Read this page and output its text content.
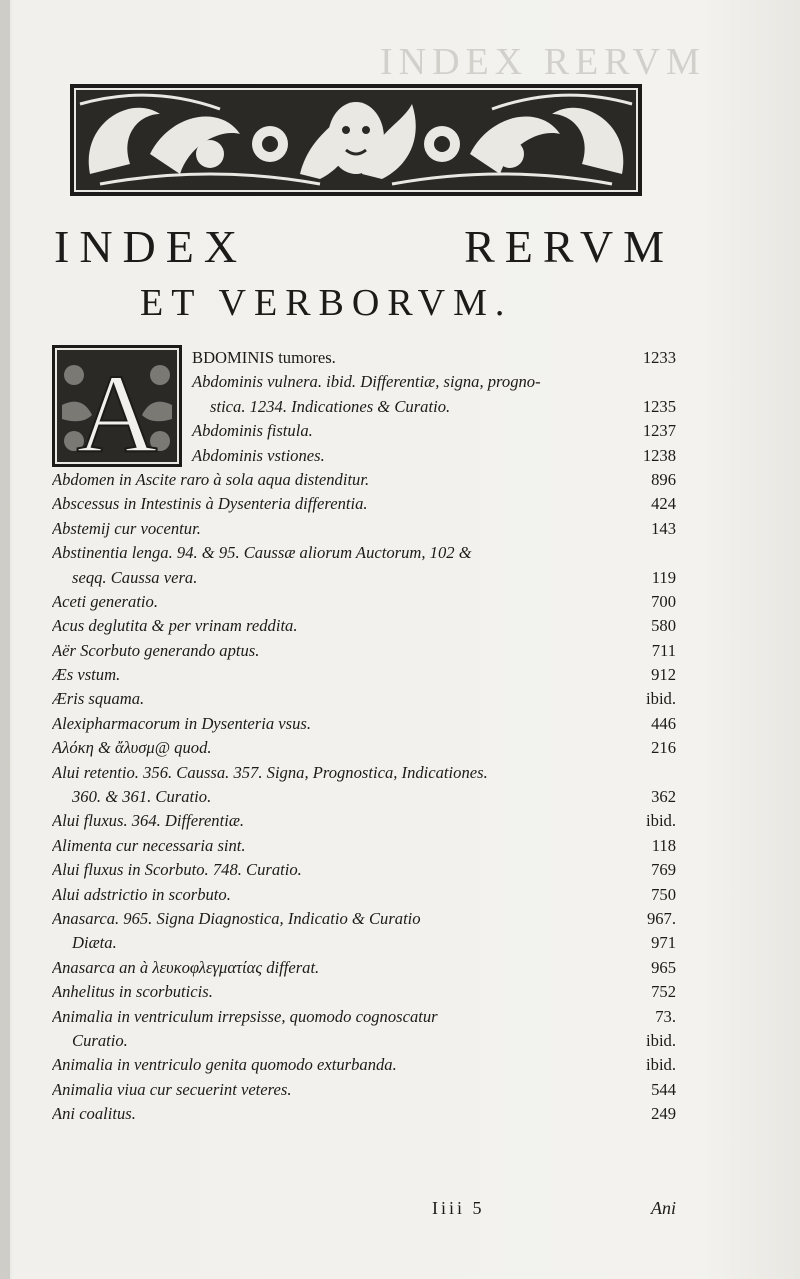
INDEX RERVM
INDEX	RERVM
ET VERBORVM.
A	BDOMINIS tumores.	1233
Abdominis vulnera. ibid. Differentiæ, signa, progno-
stica. 1234. Indicationes & Curatio.	1235
Abdominis fistula.	1237
Abdominis vstiones.	1238
Abdomen in Ascite raro à sola aqua distenditur.	896
Abscessus in Intestinis à Dysenteria differentia.	424
Abstemij cur vocentur.	143
Abstinentia lenga. 94. & 95. Caussæ aliorum Auctorum, 102 &
seqq. Caussa vera.	119
Aceti generatio.	700
Acus deglutita & per vrinam reddita.	580
Aër Scorbuto generando aptus.	711
Æs vstum.	912
Æris squama.	ibid.
Alexipharmacorum in Dysenteria vsus.	446
Αλόκη & ἄλυσμ@ quod.	216
Alui retentio. 356. Caussa. 357. Signa, Prognostica, Indicationes.
360. & 361. Curatio.	362
Alui fluxus. 364. Differentiæ.	ibid.
Alimenta cur necessaria sint.	118
Alui fluxus in Scorbuto. 748. Curatio.	769
Alui adstrictio in scorbuto.	750
Anasarca. 965. Signa Diagnostica, Indicatio & Curatio	967.
Diæta.	971
Anasarca an à λευκοφλεγματίας differat.	965
Anhelitus in scorbuticis.	752
Animalia in ventriculum irrepsisse, quomodo cognoscatur	73.
Curatio.	ibid.
Animalia in ventriculo genita quomodo exturbanda.	ibid.
Animalia viua cur secuerint veteres.	544
Ani coalitus.	249
Iiii 5	Ani
